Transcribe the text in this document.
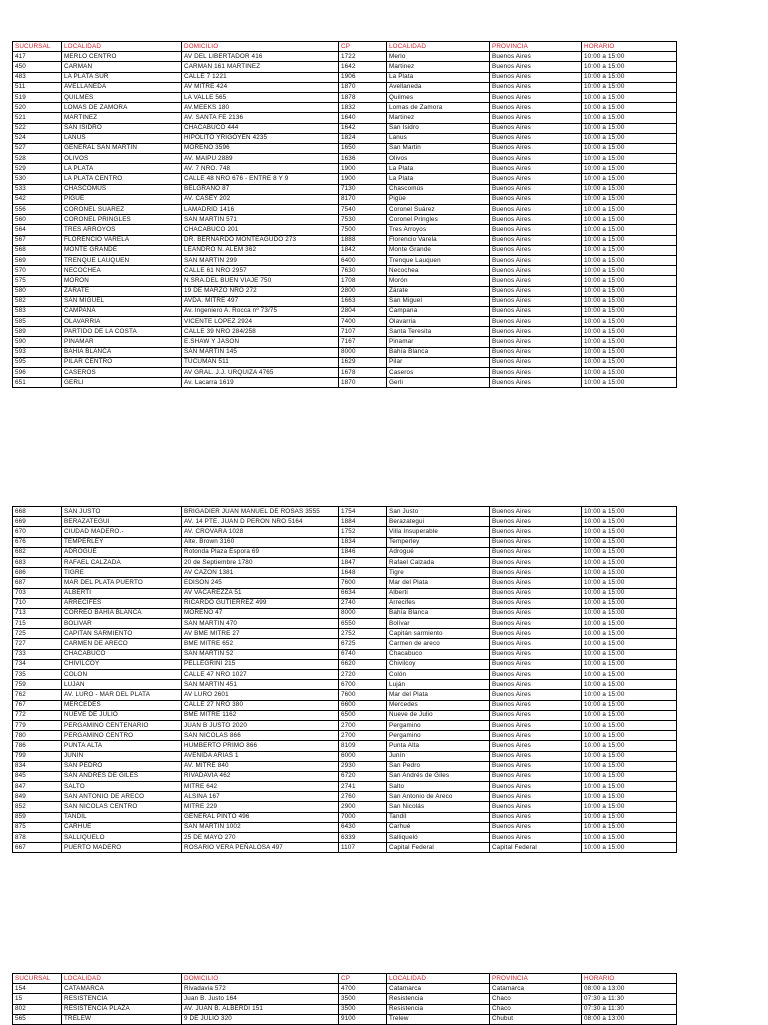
SUCURSAL	LOCALIDAD	DOMICILIO	CP	LOCALIDAD	PROVINCIA	HORARIO
417	MERLO CENTRO	AV DEL LIBERTADOR 416	1722	Merlo	Buenos Aires	10:00 a 15:00
450	CARMAN	CARMAN 161 MARTINEZ	1642	Martinez	Buenos Aires	10:00 a 15:00
483	LA PLATA SUR	CALLE 7 1221	1906	La Plata	Buenos Aires	10:00 a 15:00
511	AVELLANEDA	AV MITRE 424	1870	Avellaneda	Buenos Aires	10:00 a 15:00
519	QUILMES	LA VALLE 565	1878	Quilmes	Buenos Aires	10:00 a 15:00
520	LOMAS DE ZAMORA	AV.MEEKS 180	1832	Lomas de Zamora	Buenos Aires	10:00 a 15:00
521	MARTINEZ	AV. SANTA FE 2136	1640	Martinez	Buenos Aires	10:00 a 15:00
522	SAN ISIDRO	CHACABUCO 444	1642	San Isidro	Buenos Aires	10:00 a 15:00
524	LANUS	HIPOLITO YRIGOYEN 4235	1824	Lanus	Buenos Aires	10:00 a 15:00
527	GENERAL SAN MARTIN	MORENO 3596	1650	San Martin	Buenos Aires	10:00 a 15:00
528	OLIVOS	AV. MAIPU 2889	1636	Olivos	Buenos Aires	10:00 a 15:00
529	LA PLATA	AV. 7 NRO. 748	1900	La Plata	Buenos Aires	10:00 a 15:00
530	LA PLATA CENTRO	CALLE 48 NRO 676 - ENTRE 8 Y 9	1900	La Plata	Buenos Aires	10:00 a 15:00
533	CHASCOMUS	BELGRANO 87	7130	Chascomús	Buenos Aires	10:00 a 15:00
542	PIGUE	AV. CASEY 202	8170	Pigüe	Buenos Aires	10:00 a 15:00
556	CORONEL SUAREZ	LAMADRID 1416	7540	Coronel Suárez	Buenos Aires	10:00 a 15:00
560	CORONEL PRINGLES	SAN MARTIN 571	7530	Coronel Pringles	Buenos Aires	10:00 a 15:00
564	TRES ARROYOS	CHACABUCO 201	7500	Tres Arroyos	Buenos Aires	10:00 a 15:00
567	FLORENCIO VARELA	DR. BERNARDO MONTEAGUDO 273	1888	Florencio Varela	Buenos Aires	10:00 a 15:00
568	MONTE GRANDE	LEANDRO N. ALEM 362	1842	Monte Grande	Buenos Aires	10:00 a 15:00
569	TRENQUE LAUQUEN	SAN MARTIN 299	6400	Trenque Lauquen	Buenos Aires	10:00 a 15:00
570	NECOCHEA	CALLE 61 NRO 2957	7630	Necochea	Buenos Aires	10:00 a 15:00
575	MORON	N.SRA.DEL BUEN VIAJE 750	1708	Morón	Buenos Aires	10:00 a 15:00
580	ZARATE	19 DE MARZO NRO 272	2800	Zárate	Buenos Aires	10:00 a 15:00
582	SAN MIGUEL	AVDA. MITRE 497	1663	San Miguel	Buenos Aires	10:00 a 15:00
583	CAMPANA	Av. Ingeniero A. Rocca nº 73/75	2804	Campana	Buenos Aires	10:00 a 15:00
585	OLAVARRIA	VICENTE LOPEZ 2924	7400	Olavarria	Buenos Aires	10:00 a 15:00
589	PARTIDO DE LA COSTA	CALLE 39 NRO 284/258	7107	Santa Teresita	Buenos Aires	10:00 a 15:00
590	PINAMAR	E.SHAW Y JASON	7167	Pinamar	Buenos Aires	10:00 a 15:00
593	BAHIA BLANCA	SAN MARTIN 145	8000	Bahía Blanca	Buenos Aires	10:00 a 15:00
595	PILAR CENTRO	TUCUMAN 511	1629	Pilar	Buenos Aires	10:00 a 15:00
596	CASEROS	AV GRAL. J.J. URQUIZA 4765	1678	Caseros	Buenos Aires	10:00 a 15:00
651	GERLI	Av. Lacarra 1619	1870	Gerli	Buenos Aires	10:00 a 15:00
668	SAN JUSTO	BRIGADIER JUAN MANUEL DE ROSAS 3555	1754	San Justo	Buenos Aires	10:00 a 15:00
669	BERAZATEGUI	AV. 14 PTE. JUAN D PERON NRO 5164	1884	Berazategui	Buenos Aires	10:00 a 15:00
670	CIUDAD MADERO.-	AV. CROVARA 1028	1752	Villa Insuperable	Buenos Aires	10:00 a 15:00
676	TEMPERLEY	Alte. Brown 3160	1834	Temperley	Buenos Aires	10:00 a 15:00
682	ADROGUE	Rotonda Plaza Espora 69	1846	Adrogué	Buenos Aires	10:00 a 15:00
683	RAFAEL CALZADA	20 de Septiembre 1780	1847	Rafael Calzada	Buenos Aires	10:00 a 15:00
686	TIGRE	AV CAZON 1381	1648	Tigre	Buenos Aires	10:00 a 15:00
687	MAR DEL PLATA PUERTO	EDISON 245	7600	Mar del Plata	Buenos Aires	10:00 a 15:00
703	ALBERTI	AV VACAREZZA 51	6634	Alberti	Buenos Aires	10:00 a 15:00
710	ARRECIFES	RICARDO GUTIERREZ 499	2740	Arrecifes	Buenos Aires	10:00 a 15:00
713	CORREO BAHÍA BLANCA	MORENO 47	8000	Bahía Blanca	Buenos Aires	10:00 a 15:00
715	BOLIVAR	SAN MARTIN 470	6550	Bolívar	Buenos Aires	10:00 a 15:00
725	CAPITAN SARMIENTO	AV BME MITRE 27	2752	Capitán sarmiento	Buenos Aires	10:00 a 15:00
727	CARMEN DE ARECO	BME MITRE 652	6725	Carmen de areco	Buenos Aires	10:00 a 15:00
733	CHACABUCO	SAN MARTIN 52	6740	Chacabuco	Buenos Aires	10:00 a 15:00
734	CHIVILCOY	PELLEGRINI 215	6620	Chivilcoy	Buenos Aires	10:00 a 15:00
735	COLON	CALLE 47 NRO 1027	2720	Colón	Buenos Aires	10:00 a 15:00
759	LUJAN	SAN MARTIN 451	6700	Luján	Buenos Aires	10:00 a 15:00
762	AV. LURO - MAR DEL PLATA	AV LURO 2601	7600	Mar del Plata	Buenos Aires	10:00 a 15:00
767	MERCEDES	CALLE 27 NRO 380	6600	Mercedes	Buenos Aires	10:00 a 15:00
772	NUEVE DE JULIO	BME MITRE 1162	6500	Nueve de Julio	Buenos Aires	10:00 a 15:00
779	PERGAMINO CENTENARIO	JUAN B JUSTO 2020	2700	Pergamino	Buenos Aires	10:00 a 15:00
780	PERGAMINO CENTRO	SAN NICOLAS 866	2700	Pergamino	Buenos Aires	10:00 a 15:00
786	PUNTA ALTA	HUMBERTO PRIMO 866	8109	Punta Alta	Buenos Aires	10:00 a 15:00
799	JUNIN	AVENIDA ARIAS 1	6000	Junín	Buenos Aires	10:00 a 15:00
834	SAN PEDRO	AV. MITRE 840	2930	San Pedro	Buenos Aires	10:00 a 15:00
845	SAN ANDRES DE GILES	RIVADAVIA 462	6720	San Andrés de Giles	Buenos Aires	10:00 a 15:00
847	SALTO	MITRE 642	2741	Salto	Buenos Aires	10:00 a 15:00
849	SAN ANTONIO DE ARECO	ALSINA 167	2760	San Antonio de Areco	Buenos Aires	10:00 a 15:00
852	SAN NICOLAS CENTRO	MITRE 229	2900	San Nicolás	Buenos Aires	10:00 a 15:00
859	TANDIL	GENERAL PINTO 496	7000	Tandil	Buenos Aires	10:00 a 15:00
875	CARHUE	SAN MARTIN 1002	6430	Carhué	Buenos Aires	10:00 a 15:00
878	SALLIQUELO	25 DE MAYO 270	6339	Salliqueló	Buenos Aires	10:00 a 15:00
667	PUERTO MADERO	ROSARIO VERA PEÑALOSA 497	1107	Capital Federal	Capital Federal	10:00 a 15:00
SUCURSAL	LOCALIDAD	DOMICILIO	CP	LOCALIDAD	PROVINCIA	HORARIO
154	CATAMARCA	Rivadavia 572	4700	Catamarca	Catamarca	08:00 a 13:00
15	RESISTENCIA	Juan B. Justo 164	3500	Resistencia	Chaco	07:30 a 11:30
802	RESISTENCIA PLAZA	AV. JUAN B. ALBERDI 151	3500	Resistencia	Chaco	07:30 a 11:30
565	TRELEW	9 DE JULIO 320	9100	Trelew	Chubut	08:00 a 13:00
